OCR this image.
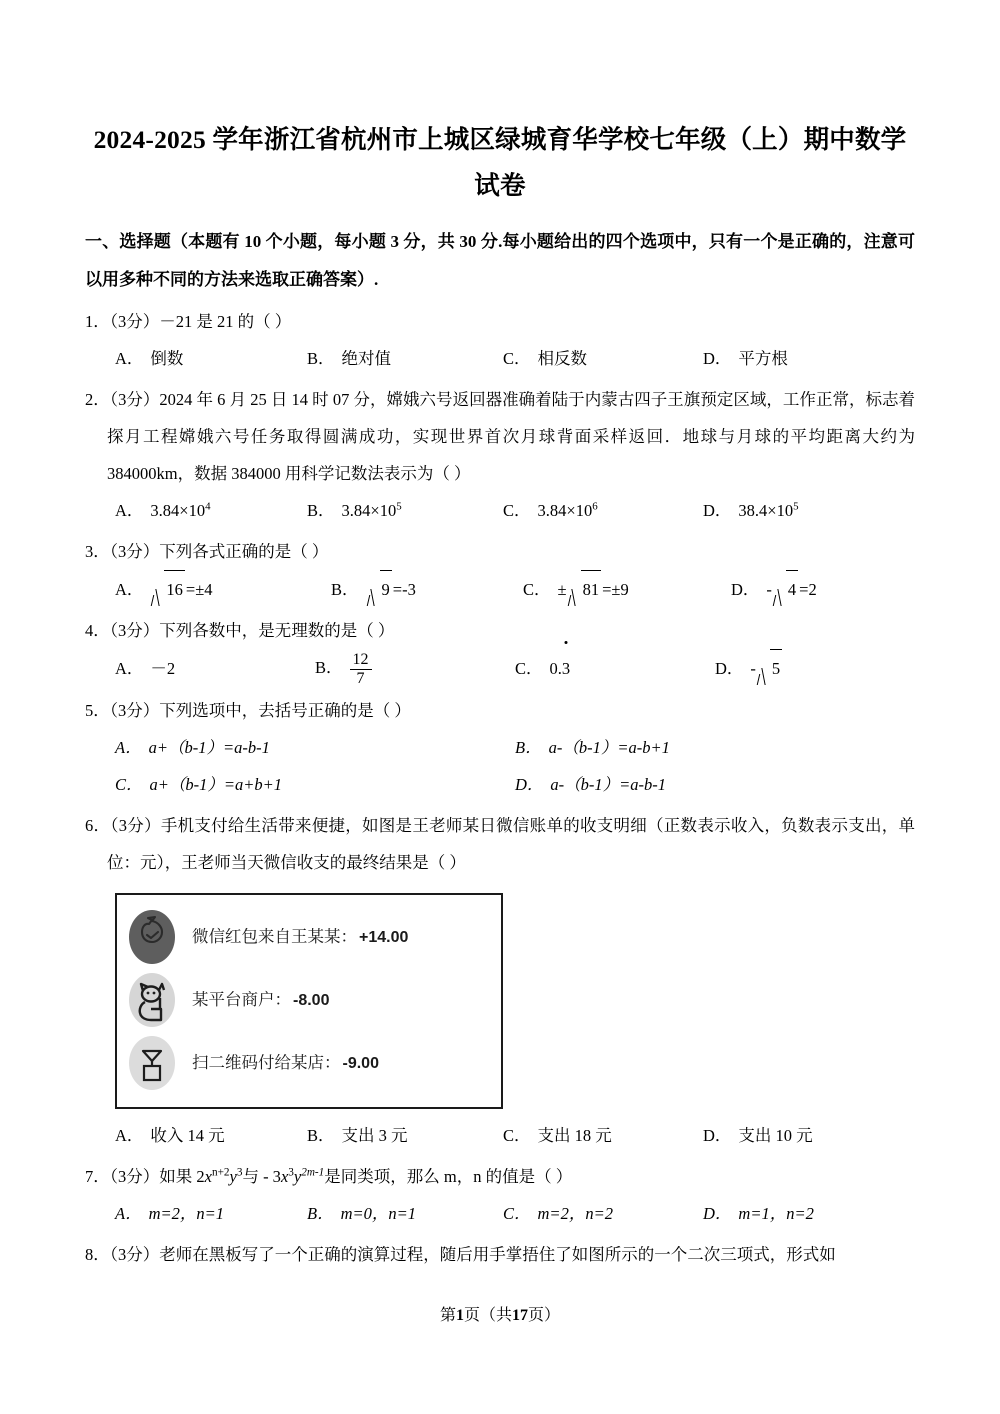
2024-2025 学年浙江省杭州市上城区绿城育华学校七年级（上）期中数学试卷
一、选择题（本题有 10 个小题，每小题 3 分，共 30 分.每小题给出的四个选项中，只有一个是正确的，注意可以用多种不同的方法来选取正确答案）.
1．（3分）－21 是 21 的（ ）
A． 倒数	B． 绝对值	C． 相反数	D． 平方根
2．（3分）2024 年 6 月 25 日 14 时 07 分，嫦娥六号返回器准确着陆于内蒙古四子王旗预定区域，工作正常，标志着探月工程嫦娥六号任务取得圆满成功，实现世界首次月球背面采样返回．地球与月球的平均距离大约为 384000km，数据 384000 用科学记数法表示为（ ）
A． $3.84\times 10^4$	B． $3.84\times 10^5$	C． $3.84\times 10^6$	D． $38.4\times 10^5$
3．（3分）下列各式正确的是（ ）
A． 16 =±4	B． 9 =-3	C． ± 81 =±9	D． - 4 =2
4．（3分）下列各数中，是无理数的是（ ）
A． －2	B． $\frac{12}{7}$	C． 0.
3	D． - 5
5．（3分）下列选项中，去括号正确的是（ ）
A． a+（b-1）=a-b-1	B． a-（b-1）=a-b+1
C． a+（b-1）=a+b+1	D． a-（b-1）=a-b-1
6．（3分）手机支付给生活带来便捷，如图是王老师某日微信账单的收支明细（正数表示收入，负数表示支出，单位：元），王老师当天微信收支的最终结果是（ ）
微信红包来自王某某： +14.00
某平台商户： -8.00
扫二维码付给某店： -9.00
A． 收入 14 元	B． 支出 3 元	C． 支出 18 元	D． 支出 10 元
7．（3分）如果 $2x^{n+2}y^3$与 - $3x^3y^{2m-1}$是同类项，那么 m，n 的值是（ ）
A． m=2，n=1	B． m=0，n=1	C． m=2，n=2	D． m=1，n=2
8．（3分）老师在黑板写了一个正确的演算过程，随后用手掌捂住了如图所示的一个二次三项式，形式如
第1页（共17页）
